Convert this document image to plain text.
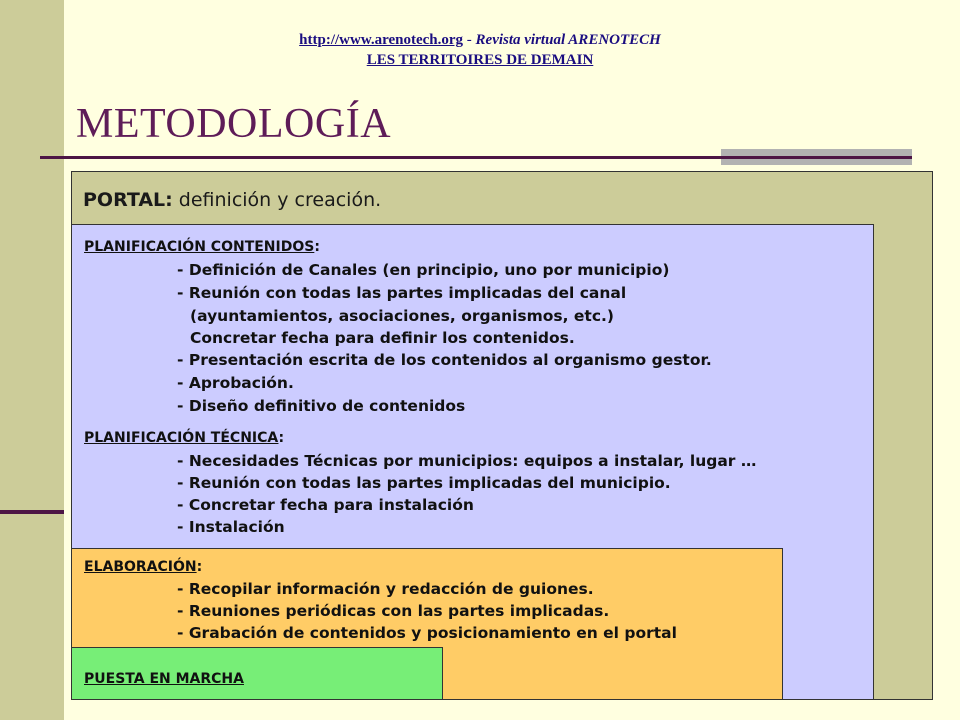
http://www.arenotech.org - Revista virtual ARENOTECH
LES TERRITOIRES DE DEMAIN
METODOLOGÍA
PORTAL: definición y creación.
PLANIFICACIÓN CONTENIDOS:
- Definición de Canales (en principio, uno por municipio)
- Reunión con todas las partes implicadas del canal
(ayuntamientos, asociaciones, organismos, etc.)
Concretar fecha para definir los contenidos.
- Presentación escrita de los contenidos al organismo gestor.
- Aprobación.
- Diseño definitivo de contenidos
PLANIFICACIÓN TÉCNICA:
- Necesidades Técnicas por municipios: equipos a instalar, lugar …
- Reunión con todas las partes implicadas del municipio.
- Concretar fecha para instalación
- Instalación
ELABORACIÓN:
- Recopilar información y redacción de guiones.
- Reuniones periódicas con las partes implicadas.
- Grabación de contenidos y posicionamiento en el portal
PUESTA EN MARCHA
